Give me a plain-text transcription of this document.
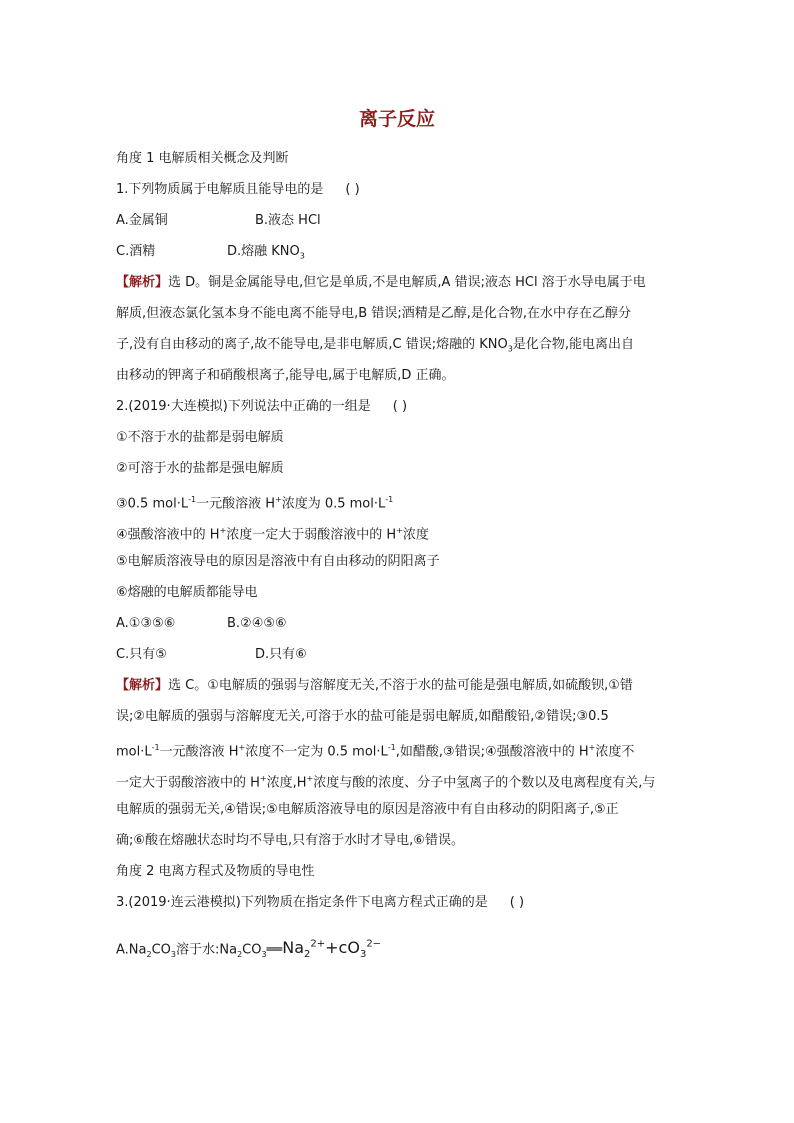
离子反应
角度 1 电解质相关概念及判断
1.下列物质属于电解质且能导电的是 ( )
A.金属铜	B.液态 HCl
C.酒精	D.熔融 $KNO_3$
【解析】选 D。铜是金属能导电,但它是单质,不是电解质,A 错误;液态 HCl 溶于水导电属于电
解质,但液态氯化氢本身不能电离不能导电,B 错误;酒精是乙醇,是化合物,在水中存在乙醇分
子,没有自由移动的离子,故不能导电,是非电解质,C 错误;熔融的 $KNO_3$是化合物,能电离出自
由移动的钾离子和硝酸根离子,能导电,属于电解质,D 正确。
2.(2019·大连模拟)下列说法中正确的一组是 ( )
①不溶于水的盐都是弱电解质
②可溶于水的盐都是强电解质
③0.5 $mol\cdot L^{-1}$一元酸溶液 H+浓度为 0.5 $mol\cdot L^{-1}$
④强酸溶液中的 H+浓度一定大于弱酸溶液中的 H+浓度
⑤电解质溶液导电的原因是溶液中有自由移动的阴阳离子
⑥熔融的电解质都能导电
A.①③⑤⑥	B.②④⑤⑥
C.只有⑤	D.只有⑥
【解析】选 C。①电解质的强弱与溶解度无关,不溶于水的盐可能是强电解质,如硫酸钡,①错
误;②电解质的强弱与溶解度无关,可溶于水的盐可能是弱电解质,如醋酸铅,②错误;③0.5
$mol\cdot L^{-1}$一元酸溶液 H+浓度不一定为 0.5 $mol\cdot L^{-1}$,如醋酸,③错误;④强酸溶液中的 H+浓度不
一定大于弱酸溶液中的 H+浓度,H+浓度与酸的浓度、分子中氢离子的个数以及电离程度有关,与
电解质的强弱无关,④错误;⑤电解质溶液导电的原因是溶液中有自由移动的阴阳离子,⑤正
确;⑥酸在熔融状态时均不导电,只有溶于水时才导电,⑥错误。
角度 2 电离方程式及物质的导电性
3.(2019·连云港模拟)下列物质在指定条件下电离方程式正确的是 ( )
$A.Na_2CO_3$溶于水$:Na_2CO_3══Na_2^{2+}+cO_3^{2-}$
